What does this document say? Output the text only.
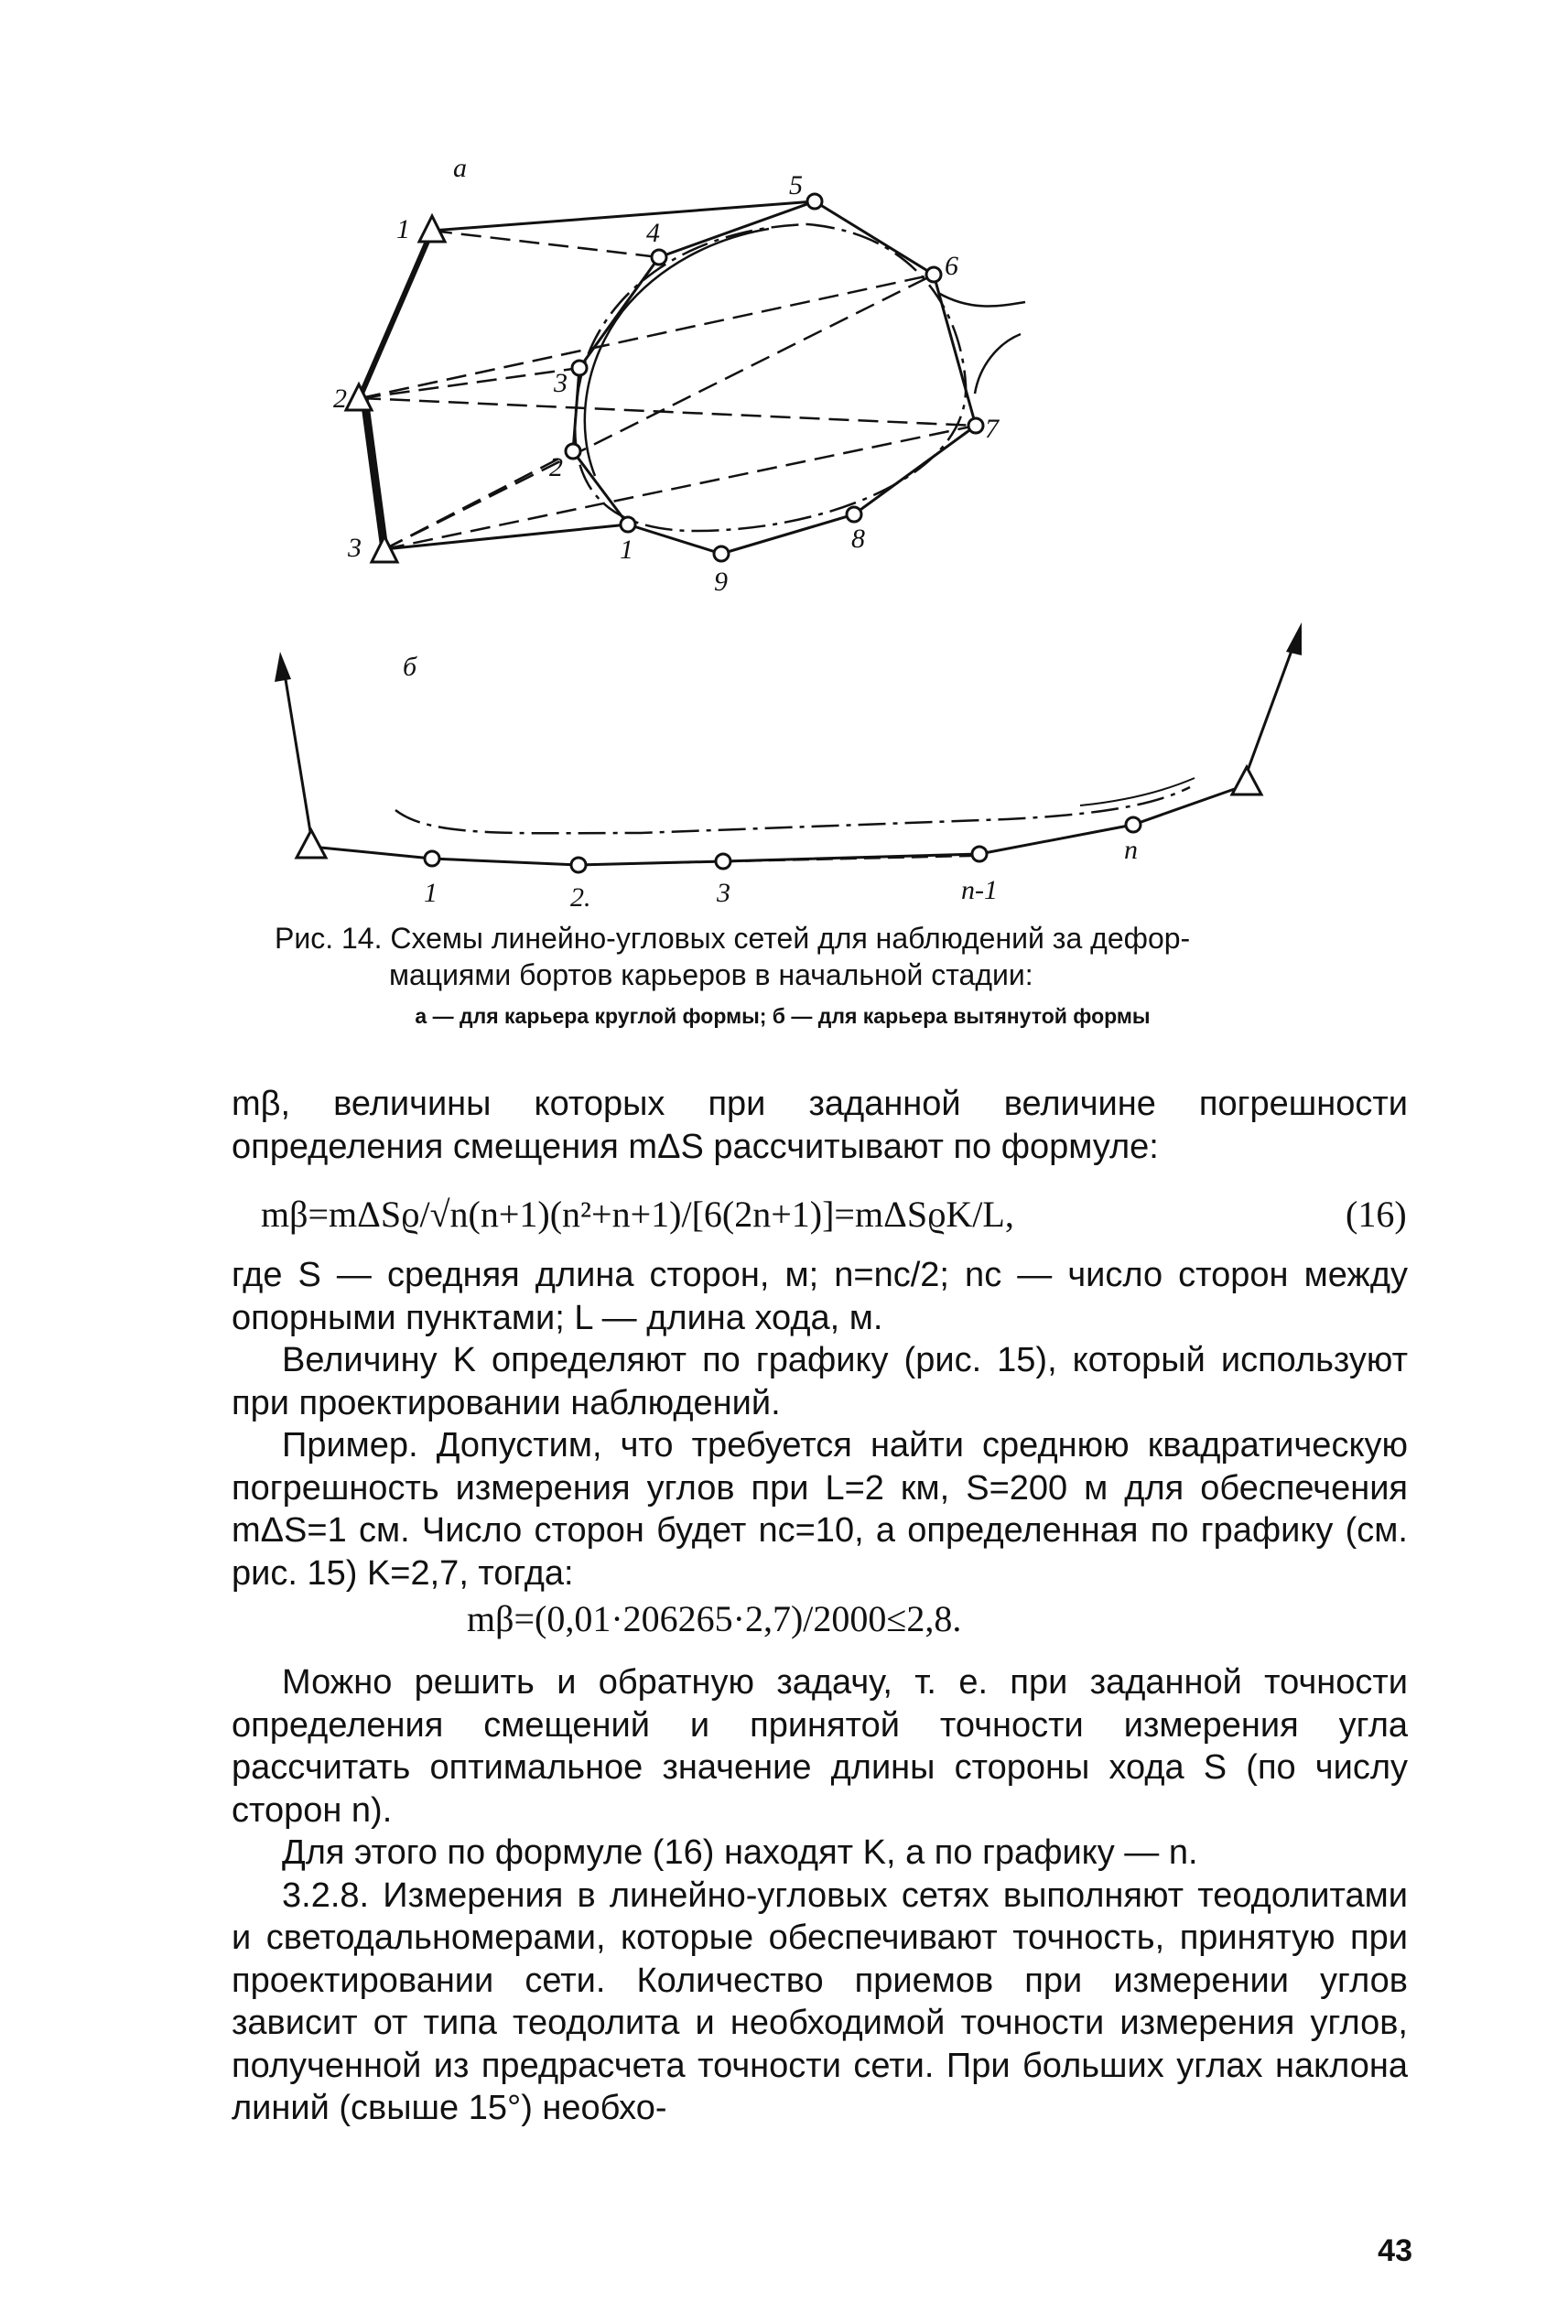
а
1
2
3	1
2
3
4
5
6
7
8
9
б
1	2.	3	n-1
n
Рис. 14. Схемы линейно-угловых сетей для наблюдений за дефор-
мациями бортов карьеров в начальной стадии:
а — для карьера круглой формы; б — для карьера вытянутой формы

mβ, величины которых при заданной величине погрешности определения смещения mΔS рассчитывают по формуле:

mβ=mΔSϱ/√n(n+1)(n²+n+1)/[6(2n+1)]=mΔSϱK/L,	(16)

где S — средняя длина сторон, м; n=nc/2; nc — число сторон между опорными пунктами; L — длина хода, м.

Величину K определяют по графику (рис. 15), который используют при проектировании наблюдений.

Пример. Допустим, что требуется найти среднюю квадратическую погрешность измерения углов при L=2 км, S=200 м для обеспечения mΔS=1 см. Число сторон будет nc=10, а определенная по графику (см. рис. 15) K=2,7, тогда:

mβ=(0,01·206265·2,7)/2000≤2,8.

Можно решить и обратную задачу, т. е. при заданной точности определения смещений и принятой точности измерения угла рассчитать оптимальное значение длины стороны хода S (по числу сторон n).

Для этого по формуле (16) находят K, а по графику — n.

3.2.8. Измерения в линейно-угловых сетях выполняют теодолитами и светодальномерами, которые обеспечивают точность, принятую при проектировании сети. Количество приемов при измерении углов зависит от типа теодолита и необходимой точности измерения углов, полученной из предрасчета точности сети. При больших углах наклона линий (свыше 15°) необхо-

43
